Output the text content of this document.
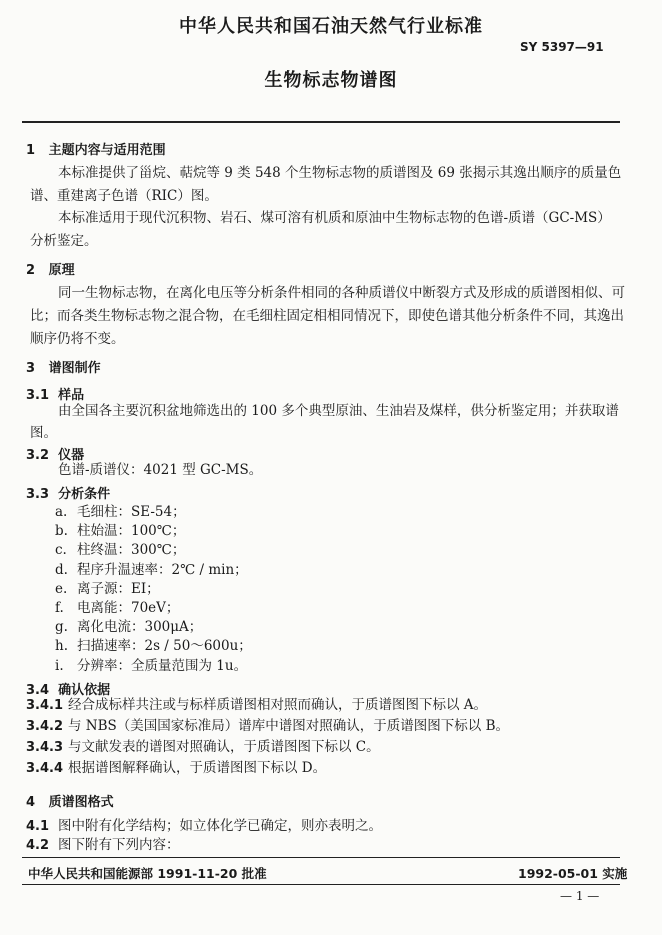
中华人民共和国石油天然气行业标准
SY 5397—91
生物标志物谱图
1 主题内容与适用范围
本标准提供了甾烷、萜烷等 9 类 548 个生物标志物的质谱图及 69 张揭示其逸出顺序的质量色
谱、重建离子色谱（RIC）图。
本标准适用于现代沉积物、岩石、煤可溶有机质和原油中生物标志物的色谱-质谱（GC-MS）
分析鉴定。
2 原理
同一生物标志物，在离化电压等分析条件相同的各种质谱仪中断裂方式及形成的质谱图相似、可
比；而各类生物标志物之混合物，在毛细柱固定相相同情况下，即使色谱其他分析条件不同，其逸出
顺序仍将不变。
3 谱图制作
3.1 样品
由全国各主要沉积盆地筛选出的 100 多个典型原油、生油岩及煤样，供分析鉴定用；并获取谱
图。
3.2 仪器
色谱-质谱仪：4021 型 GC-MS。
3.3 分析条件
a. 毛细柱：SE-54；
b. 柱始温：100℃；
c. 柱终温：300℃；
d. 程序升温速率：2℃ / min；
e. 离子源：EI；
f. 电离能：70eV；
g. 离化电流：300μA；
h. 扫描速率：2s / 50～600u；
i. 分辨率：全质量范围为 1u。
3.4 确认依据
3.4.1 经合成标样共注或与标样质谱图相对照而确认，于质谱图图下标以 A。
3.4.2 与 NBS（美国国家标准局）谱库中谱图对照确认，于质谱图图下标以 B。
3.4.3 与文献发表的谱图对照确认，于质谱图图下标以 C。
3.4.4 根据谱图解释确认，于质谱图图下标以 D。
4 质谱图格式
4.1 图中附有化学结构；如立体化学已确定，则亦表明之。
4.2 图下附有下列内容：
中华人民共和国能源部 1991-11-20 批准	1992-05-01 实施
— 1 —
